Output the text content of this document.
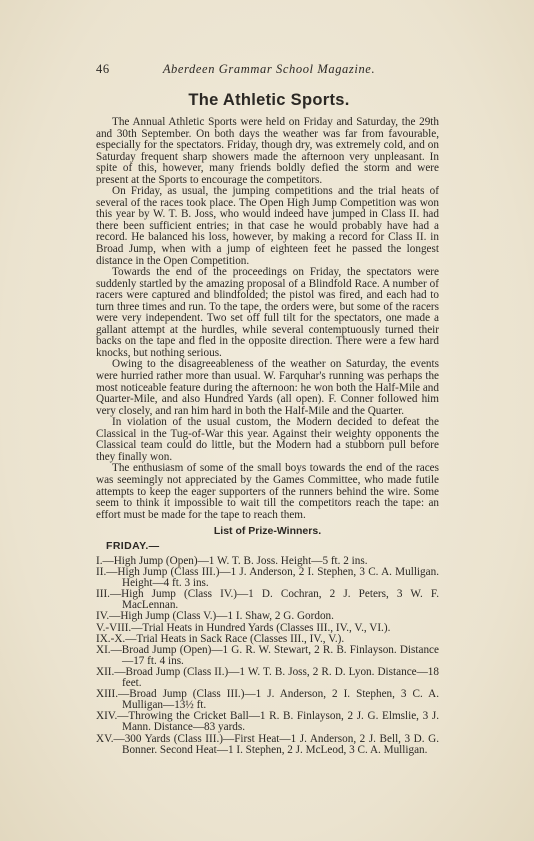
46	Aberdeen Grammar School Magazine.
The Athletic Sports.

The Annual Athletic Sports were held on Friday and Saturday, the 29th and 30th September. On both days the weather was far from favourable, especially for the spectators. Friday, though dry, was extremely cold, and on Saturday frequent sharp showers made the afternoon very unpleasant. In spite of this, however, many friends boldly defied the storm and were present at the Sports to encourage the competitors.

On Friday, as usual, the jumping competitions and the trial heats of several of the races took place. The Open High Jump Competition was won this year by W. T. B. Joss, who would indeed have jumped in Class II. had there been sufficient entries; in that case he would probably have had a record. He balanced his loss, however, by making a record for Class II. in Broad Jump, when with a jump of eighteen feet he passed the longest distance in the Open Competition.

Towards the end of the proceedings on Friday, the spectators were suddenly startled by the amazing proposal of a Blindfold Race. A number of racers were captured and blindfolded; the pistol was fired, and each had to turn three times and run. To the tape, the orders were, but some of the racers were very independent. Two set off full tilt for the spectators, one made a gallant attempt at the hurdles, while several contemptuously turned their backs on the tape and fled in the opposite direction. There were a few hard knocks, but nothing serious.

Owing to the disagreeableness of the weather on Saturday, the events were hurried rather more than usual. W. Farquhar's running was perhaps the most noticeable feature during the afternoon: he won both the Half-Mile and Quarter-Mile, and also Hundred Yards (all open). F. Conner followed him very closely, and ran him hard in both the Half-Mile and the Quarter.

In violation of the usual custom, the Modern decided to defeat the Classical in the Tug-of-War this year. Against their weighty opponents the Classical team could do little, but the Modern had a stubborn pull before they finally won.

The enthusiasm of some of the small boys towards the end of the races was seemingly not appreciated by the Games Committee, who made futile attempts to keep the eager supporters of the runners behind the wire. Some seem to think it impossible to wait till the competitors reach the tape: an effort must be made for the tape to reach them.

List of Prize-Winners.
FRIDAY.—
I.—High Jump (Open)—1 W. T. B. Joss. Height—5 ft. 2 ins.
II.—High Jump (Class III.)—1 J. Anderson, 2 I. Stephen, 3 C. A. Mulligan. Height—4 ft. 3 ins.
III.—High Jump (Class IV.)—1 D. Cochran, 2 J. Peters, 3 W. F. MacLennan.
IV.—High Jump (Class V.)—1 I. Shaw, 2 G. Gordon.
V.-VIII.—Trial Heats in Hundred Yards (Classes III., IV., V., VI.).
IX.-X.—Trial Heats in Sack Race (Classes III., IV., V.).
XI.—Broad Jump (Open)—1 G. R. W. Stewart, 2 R. B. Finlayson. Distance—17 ft. 4 ins.
XII.—Broad Jump (Class II.)—1 W. T. B. Joss, 2 R. D. Lyon. Distance—18 feet.
XIII.—Broad Jump (Class III.)—1 J. Anderson, 2 I. Stephen, 3 C. A. Mulligan—13½ ft.
XIV.—Throwing the Cricket Ball—1 R. B. Finlayson, 2 J. G. Elmslie, 3 J. Mann. Distance—83 yards.
XV.—300 Yards (Class III.)—First Heat—1 J. Anderson, 2 J. Bell, 3 D. G. Bonner. Second Heat—1 I. Stephen, 2 J. McLeod, 3 C. A. Mulligan.
